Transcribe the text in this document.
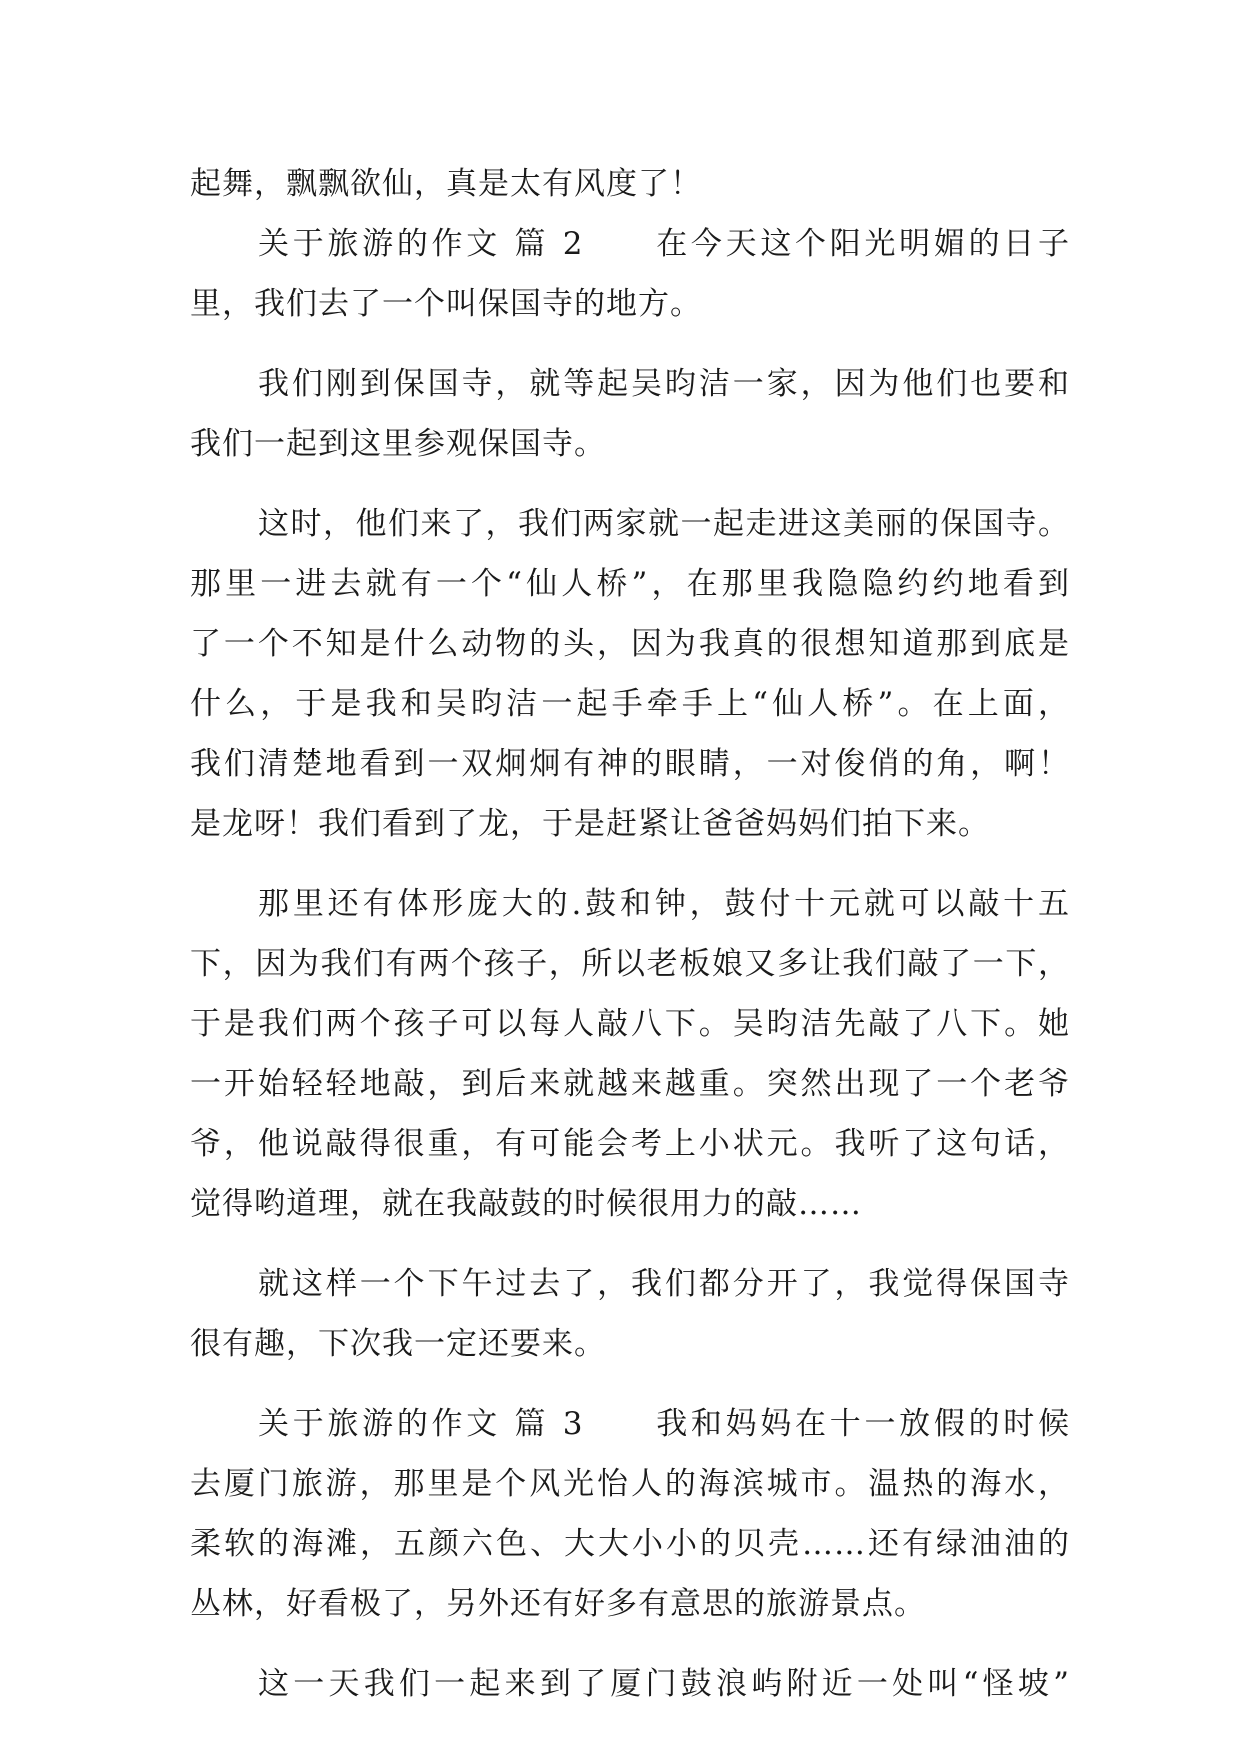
起舞，飘飘欲仙，真是太有风度了！
关于旅游的作文 篇 2 在今天这个阳光明媚的日子
里，我们去了一个叫保国寺的地方。
我们刚到保国寺，就等起吴昀洁一家，因为他们也要和
我们一起到这里参观保国寺。
这时，他们来了，我们两家就一起走进这美丽的保国寺。
那里一进去就有一个“仙人桥”，在那里我隐隐约约地看到
了一个不知是什么动物的头，因为我真的很想知道那到底是
什么，于是我和吴昀洁一起手牵手上“仙人桥”。在上面，
我们清楚地看到一双炯炯有神的眼睛，一对俊俏的角，啊！
是龙呀！我们看到了龙，于是赶紧让爸爸妈妈们拍下来。
那里还有体形庞大的.鼓和钟，鼓付十元就可以敲十五
下，因为我们有两个孩子，所以老板娘又多让我们敲了一下，
于是我们两个孩子可以每人敲八下。吴昀洁先敲了八下。她
一开始轻轻地敲，到后来就越来越重。突然出现了一个老爷
爷，他说敲得很重，有可能会考上小状元。我听了这句话，
觉得哟道理，就在我敲鼓的时候很用力的敲……
就这样一个下午过去了，我们都分开了，我觉得保国寺
很有趣，下次我一定还要来。
关于旅游的作文 篇 3 我和妈妈在十一放假的时候
去厦门旅游，那里是个风光怡人的海滨城市。温热的海水，
柔软的海滩，五颜六色、大大小小的贝壳……还有绿油油的
丛林，好看极了，另外还有好多有意思的旅游景点。
这一天我们一起来到了厦门鼓浪屿附近一处叫“怪坡”
